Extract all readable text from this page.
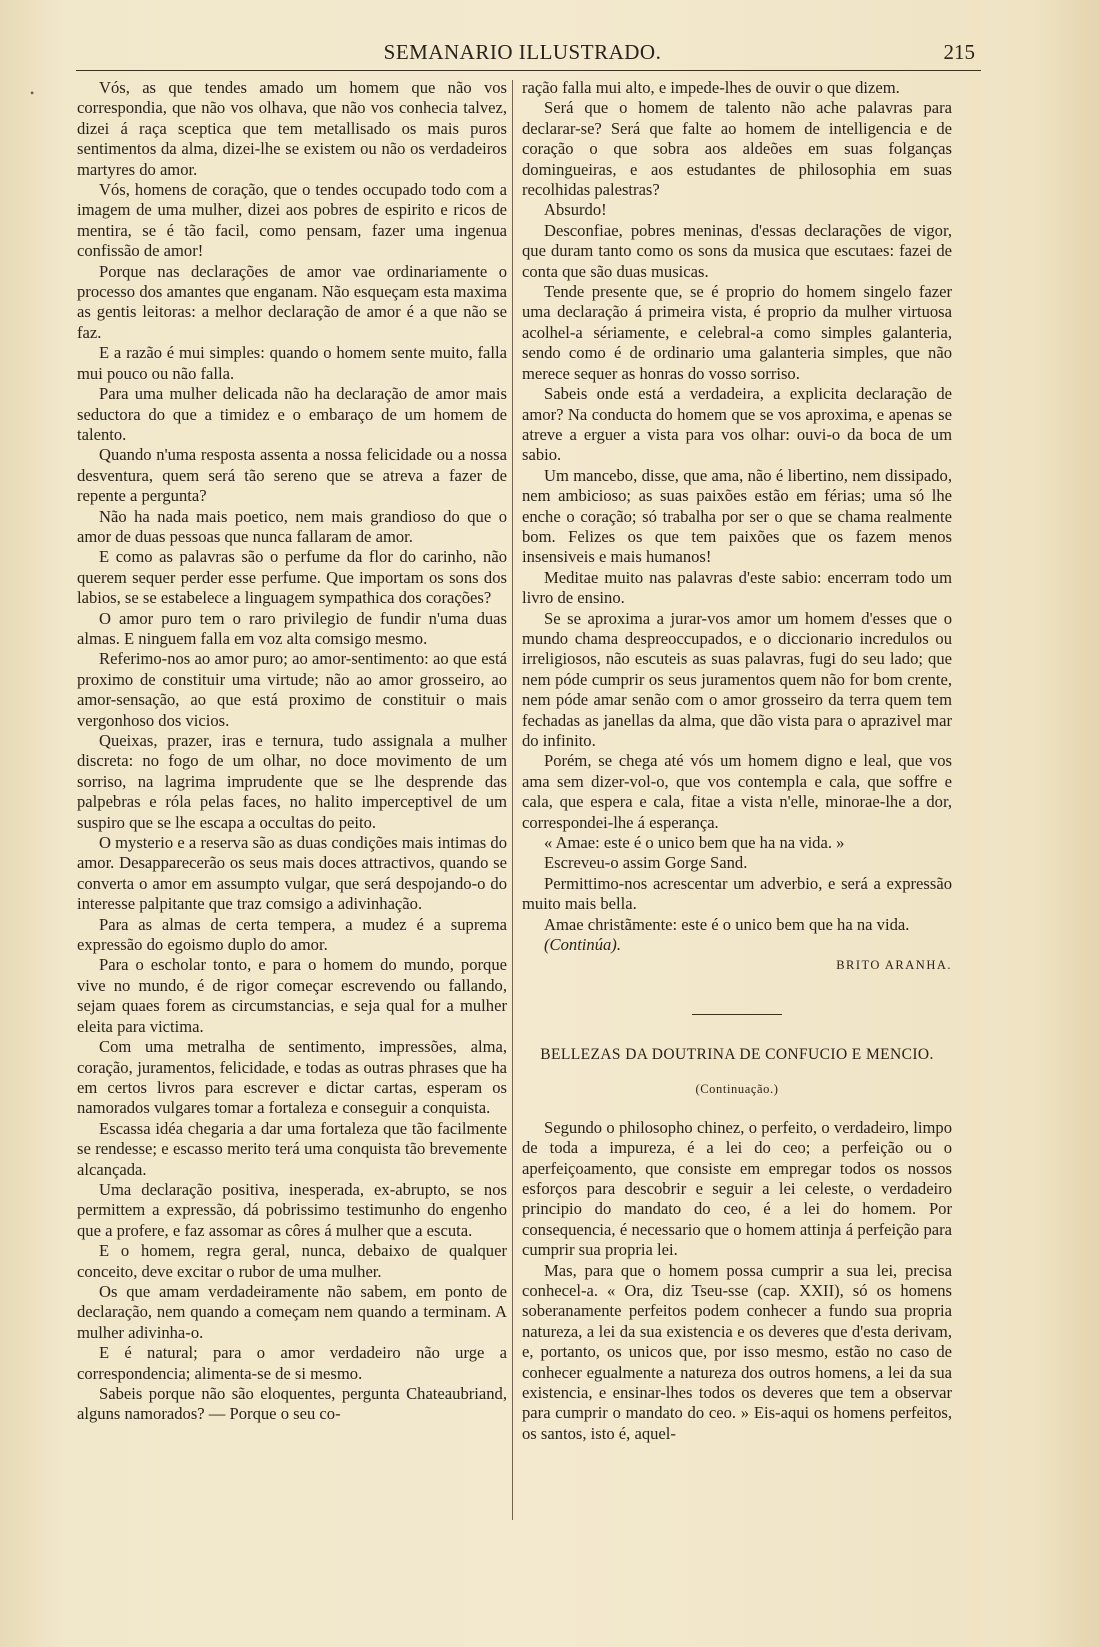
SEMANARIO ILLUSTRADO.	215
•	Vós, as que tendes amado um homem que não vos correspondia, que não vos olhava, que não vos conhecia talvez, dizei á raça sceptica que tem metallisado os mais puros sentimentos da alma, dizei-lhe se existem ou não os verdadeiros martyres do amor.

Vós, homens de coração, que o tendes occupado todo com a imagem de uma mulher, dizei aos pobres de espirito e ricos de mentira, se é tão facil, como pensam, fazer uma ingenua confissão de amor!

Porque nas declarações de amor vae ordinariamente o processo dos amantes que enganam. Não esqueçam esta maxima as gentis leitoras: a melhor declaração de amor é a que não se faz.

E a razão é mui simples: quando o homem sente muito, falla mui pouco ou não falla.

Para uma mulher delicada não ha declaração de amor mais seductora do que a timidez e o embaraço de um homem de talento.

Quando n'uma resposta assenta a nossa felicidade ou a nossa desventura, quem será tão sereno que se atreva a fazer de repente a pergunta?

Não ha nada mais poetico, nem mais grandioso do que o amor de duas pessoas que nunca fallaram de amor.

E como as palavras são o perfume da flor do carinho, não querem sequer perder esse perfume. Que importam os sons dos labios, se se estabelece a linguagem sympathica dos corações?

O amor puro tem o raro privilegio de fundir n'uma duas almas. E ninguem falla em voz alta comsigo mesmo.

Referimo-nos ao amor puro; ao amor-sentimento: ao que está proximo de constituir uma virtude; não ao amor grosseiro, ao amor-sensação, ao que está proximo de constituir o mais vergonhoso dos vicios.

Queixas, prazer, iras e ternura, tudo assignala a mulher discreta: no fogo de um olhar, no doce movimento de um sorriso, na lagrima imprudente que se lhe desprende das palpebras e róla pelas faces, no halito imperceptivel de um suspiro que se lhe escapa a occultas do peito.

O mysterio e a reserva são as duas condições mais intimas do amor. Desapparecerão os seus mais doces attractivos, quando se converta o amor em assumpto vulgar, que será despojando-o do interesse palpitante que traz comsigo a adivinhação.

Para as almas de certa tempera, a mudez é a suprema expressão do egoismo duplo do amor.

Para o escholar tonto, e para o homem do mundo, porque vive no mundo, é de rigor começar escrevendo ou fallando, sejam quaes forem as circumstancias, e seja qual for a mulher eleita para victima.

Com uma metralha de sentimento, impressões, alma, coração, juramentos, felicidade, e todas as outras phrases que ha em certos livros para escrever e dictar cartas, esperam os namorados vulgares tomar a fortaleza e conseguir a conquista.

Escassa idéa chegaria a dar uma fortaleza que tão facilmente se rendesse; e escasso merito terá uma conquista tão brevemente alcançada.

Uma declaração positiva, inesperada, ex-abrupto, se nos permittem a expressão, dá pobrissimo testimunho do engenho que a profere, e faz assomar as côres á mulher que a escuta.

E o homem, regra geral, nunca, debaixo de qualquer conceito, deve excitar o rubor de uma mulher.

Os que amam verdadeiramente não sabem, em ponto de declaração, nem quando a começam nem quando a terminam. A mulher adivinha-o.

E é natural; para o amor verdadeiro não urge a correspondencia; alimenta-se de si mesmo.

Sabeis porque não são eloquentes, pergunta Chateaubriand, alguns namorados? — Porque o seu co-

ração falla mui alto, e impede-lhes de ouvir o que dizem.

Será que o homem de talento não ache palavras para declarar-se? Será que falte ao homem de intelligencia e de coração o que sobra aos aldeões em suas folganças domingueiras, e aos estudantes de philosophia em suas recolhidas palestras?

Absurdo!

Desconfiae, pobres meninas, d'essas declarações de vigor, que duram tanto como os sons da musica que escutaes: fazei de conta que são duas musicas.

Tende presente que, se é proprio do homem singelo fazer uma declaração á primeira vista, é proprio da mulher virtuosa acolhel-a sériamente, e celebral-a como simples galanteria, sendo como é de ordinario uma galanteria simples, que não merece sequer as honras do vosso sorriso.

Sabeis onde está a verdadeira, a explicita declaração de amor? Na conducta do homem que se vos aproxima, e apenas se atreve a erguer a vista para vos olhar: ouvi-o da boca de um sabio.

Um mancebo, disse, que ama, não é libertino, nem dissipado, nem ambicioso; as suas paixões estão em férias; uma só lhe enche o coração; só trabalha por ser o que se chama realmente bom. Felizes os que tem paixões que os fazem menos insensiveis e mais humanos!

Meditae muito nas palavras d'este sabio: encerram todo um livro de ensino.

Se se aproxima a jurar-vos amor um homem d'esses que o mundo chama despreoccupados, e o diccionario incredulos ou irreligiosos, não escuteis as suas palavras, fugi do seu lado; que nem póde cumprir os seus juramentos quem não for bom crente, nem póde amar senão com o amor grosseiro da terra quem tem fechadas as janellas da alma, que dão vista para o aprazivel mar do infinito.

Porém, se chega até vós um homem digno e leal, que vos ama sem dizer-vol-o, que vos contempla e cala, que soffre e cala, que espera e cala, fitae a vista n'elle, minorae-lhe a dor, correspondei-lhe á esperança.

« Amae: este é o unico bem que ha na vida. »

Escreveu-o assim Gorge Sand.

Permittimo-nos acrescentar um adverbio, e será a expressão muito mais bella.

Amae christãmente: este é o unico bem que ha na vida.

(Continúa).

BRITO ARANHA.

BELLEZAS DA DOUTRINA DE CONFUCIO E MENCIO.
(Continuação.)

Segundo o philosopho chinez, o perfeito, o verdadeiro, limpo de toda a impureza, é a lei do ceo; a perfeição ou o aperfeiçoamento, que consiste em empregar todos os nossos esforços para descobrir e seguir a lei celeste, o verdadeiro principio do mandato do ceo, é a lei do homem. Por consequencia, é necessario que o homem attinja á perfeição para cumprir sua propria lei.

Mas, para que o homem possa cumprir a sua lei, precisa conhecel-a. « Ora, diz Tseu-sse (cap. XXII), só os homens soberanamente perfeitos podem conhecer a fundo sua propria natureza, a lei da sua existencia e os deveres que d'esta derivam, e, portanto, os unicos que, por isso mesmo, estão no caso de conhecer egualmente a natureza dos outros homens, a lei da sua existencia, e ensinar-lhes todos os deveres que tem a observar para cumprir o mandato do ceo. » Eis-aqui os homens perfeitos, os santos, isto é, aquel-
